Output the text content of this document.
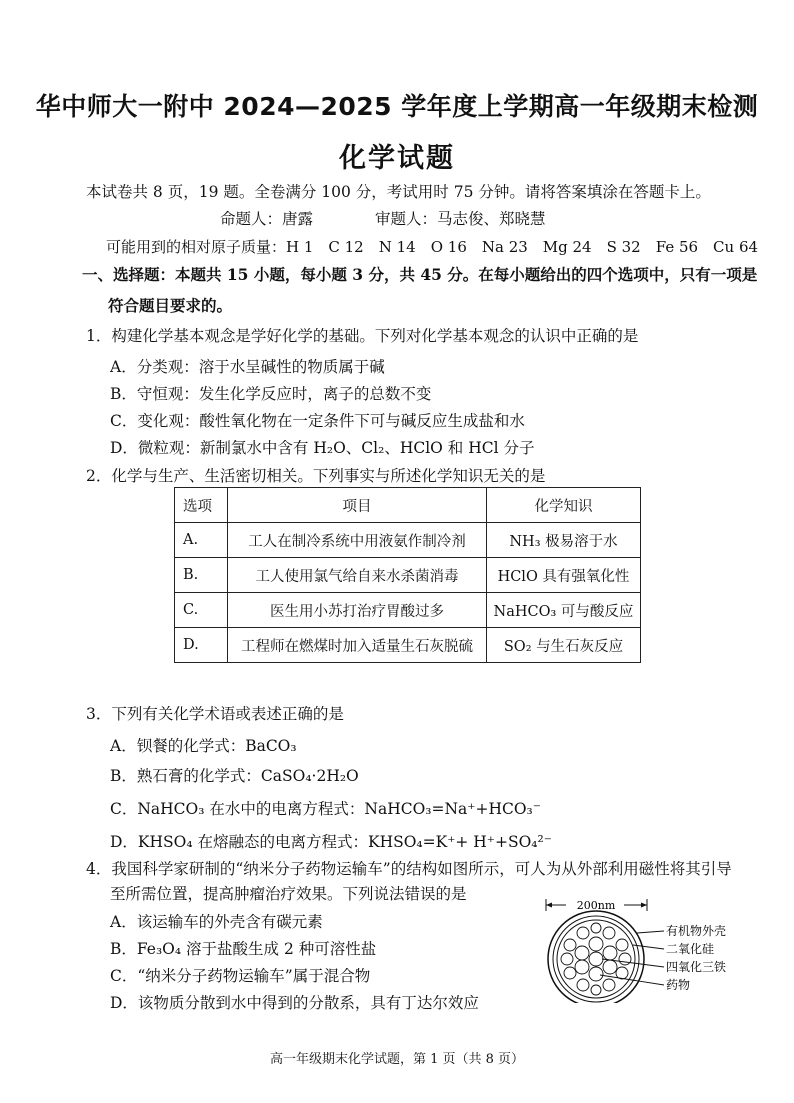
华中师大一附中 2024—2025 学年度上学期高一年级期末检测
化学试题
本试卷共 8 页，19 题。全卷满分 100 分，考试用时 75 分钟。请将答案填涂在答题卡上。
命题人：唐露　　　　审题人：马志俊、郑晓慧
可能用到的相对原子质量：H 1　C 12　N 14　O 16　Na 23　Mg 24　S 32　Fe 56　Cu 64
一、选择题：本题共 15 小题，每小题 3 分，共 45 分。在每小题给出的四个选项中，只有一项是
符合题目要求的。
1．构建化学基本观念是学好化学的基础。下列对化学基本观念的认识中正确的是
A．分类观：溶于水呈碱性的物质属于碱
B．守恒观：发生化学反应时，离子的总数不变
C．变化观：酸性氧化物在一定条件下可与碱反应生成盐和水
D．微粒观：新制氯水中含有 H₂O、Cl₂、HClO 和 HCl 分子
2．化学与生产、生活密切相关。下列事实与所述化学知识无关的是
选项	项目	化学知识
A.	工人在制冷系统中用液氨作制冷剂	NH₃ 极易溶于水
B.	工人使用氯气给自来水杀菌消毒	HClO 具有强氧化性
C.	医生用小苏打治疗胃酸过多	NaHCO₃ 可与酸反应
D.	工程师在燃煤时加入适量生石灰脱硫	SO₂ 与生石灰反应
3．下列有关化学术语或表述正确的是
A．钡餐的化学式：BaCO₃
B．熟石膏的化学式：CaSO₄·2H₂O
C．NaHCO₃ 在水中的电离方程式：NaHCO₃=Na⁺+HCO₃⁻
D．KHSO₄ 在熔融态的电离方程式：KHSO₄=K⁺+ H⁺+SO₄²⁻
4．我国科学家研制的“纳米分子药物运输车”的结构如图所示，可人为从外部利用磁性将其引导
至所需位置，提高肿瘤治疗效果。下列说法错误的是
A．该运输车的外壳含有碳元素
B．Fe₃O₄ 溶于盐酸生成 2 种可溶性盐
C．“纳米分子药物运输车”属于混合物
D．该物质分散到水中得到的分散系，具有丁达尔效应
200nm
有机物外壳
二氧化硅
四氧化三铁
药物
高一年级期末化学试题，第 1 页（共 8 页）
